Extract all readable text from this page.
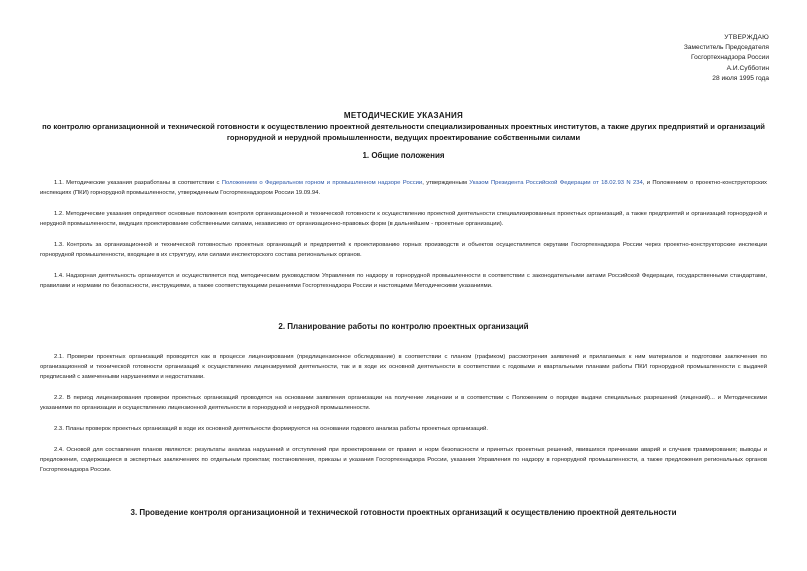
УТВЕРЖДАЮ
Заместитель Председателя
Госгортехнадзора России
А.И.Субботин
28 июля 1995 года
МЕТОДИЧЕСКИЕ УКАЗАНИЯ
по контролю организационной и технической готовности к осуществлению проектной деятельности специализированных проектных институтов, а также других предприятий и организаций горнорудной и нерудной промышленности, ведущих проектирование собственными силами
1. Общие положения
1.1. Методические указания разработаны в соответствии с Положением о Федеральном горном и промышленном надзоре России, утвержденным Указом Президента Российской Федерации от 18.02.93 N 234, и Положением о проектно-конструкторских инспекциях (ПКИ) горнорудной промышленности, утвержденным Госгортехнадзором России 19.09.94.
1.2. Методические указания определяют основные положения контроля организационной и технической готовности к осуществлению проектной деятельности специализированных проектных организаций, а также предприятий и организаций горнорудной и нерудной промышленности, ведущих проектирование собственными силами, независимо от организационно-правовых форм (в дальнейшем - проектные организации).
1.3. Контроль за организационной и технической готовностью проектных организаций и предприятий к проектированию горных производств и объектов осуществляется округами Госгортехнадзора России через проектно-конструкторские инспекции горнорудной промышленности, входящие в их структуру, или силами инспекторского состава региональных органов.
1.4. Надзорная деятельность организуется и осуществляется под методическим руководством Управления по надзору в горнорудной промышленности в соответствии с законодательными актами Российской Федерации, государственными стандартами, правилами и нормами по безопасности, инструкциями, а также соответствующими решениями Госгортехнадзора России и настоящими Методическими указаниями.
2. Планирование работы по контролю проектных организаций
2.1. Проверки проектных организаций проводятся как в процессе лицензирования (предлицензионное обследование) в соответствии с планом (графиком) рассмотрения заявлений и прилагаемых к ним материалов и подготовки заключения по организационной и технической готовности организаций к осуществлению лицензируемой деятельности, так и в ходе их основной деятельности в соответствии с годовыми и квартальными планами работы ПКИ горнорудной промышленности с выдачей предписаний с замеченными нарушениями и недостатками.
2.2. В период лицензирования проверки проектных организаций проводятся на основании заявления организации на получение лицензии и в соответствии с Положением о порядке выдачи специальных разрешений (лицензий)... и Методическими указаниями по организации и осуществлению лицензионной деятельности в горнорудной и нерудной промышленности.
2.3. Планы проверок проектных организаций в ходе их основной деятельности формируются на основании годового анализа работы проектных организаций.
2.4. Основой для составления планов являются: результаты анализа нарушений и отступлений при проектировании от правил и норм безопасности и принятых проектных решений, явившихся причинами аварий и случаев травмирования; выводы и предложения, содержащиеся в экспертных заключениях по отдельным проектам; постановления, приказы и указания Госгортехнадзора России, указания Управления по надзору в горнорудной промышленности, а также предложения региональных органов Госгортехнадзора России.
3. Проведение контроля организационной и технической готовности проектных организаций к осуществлению проектной деятельности
